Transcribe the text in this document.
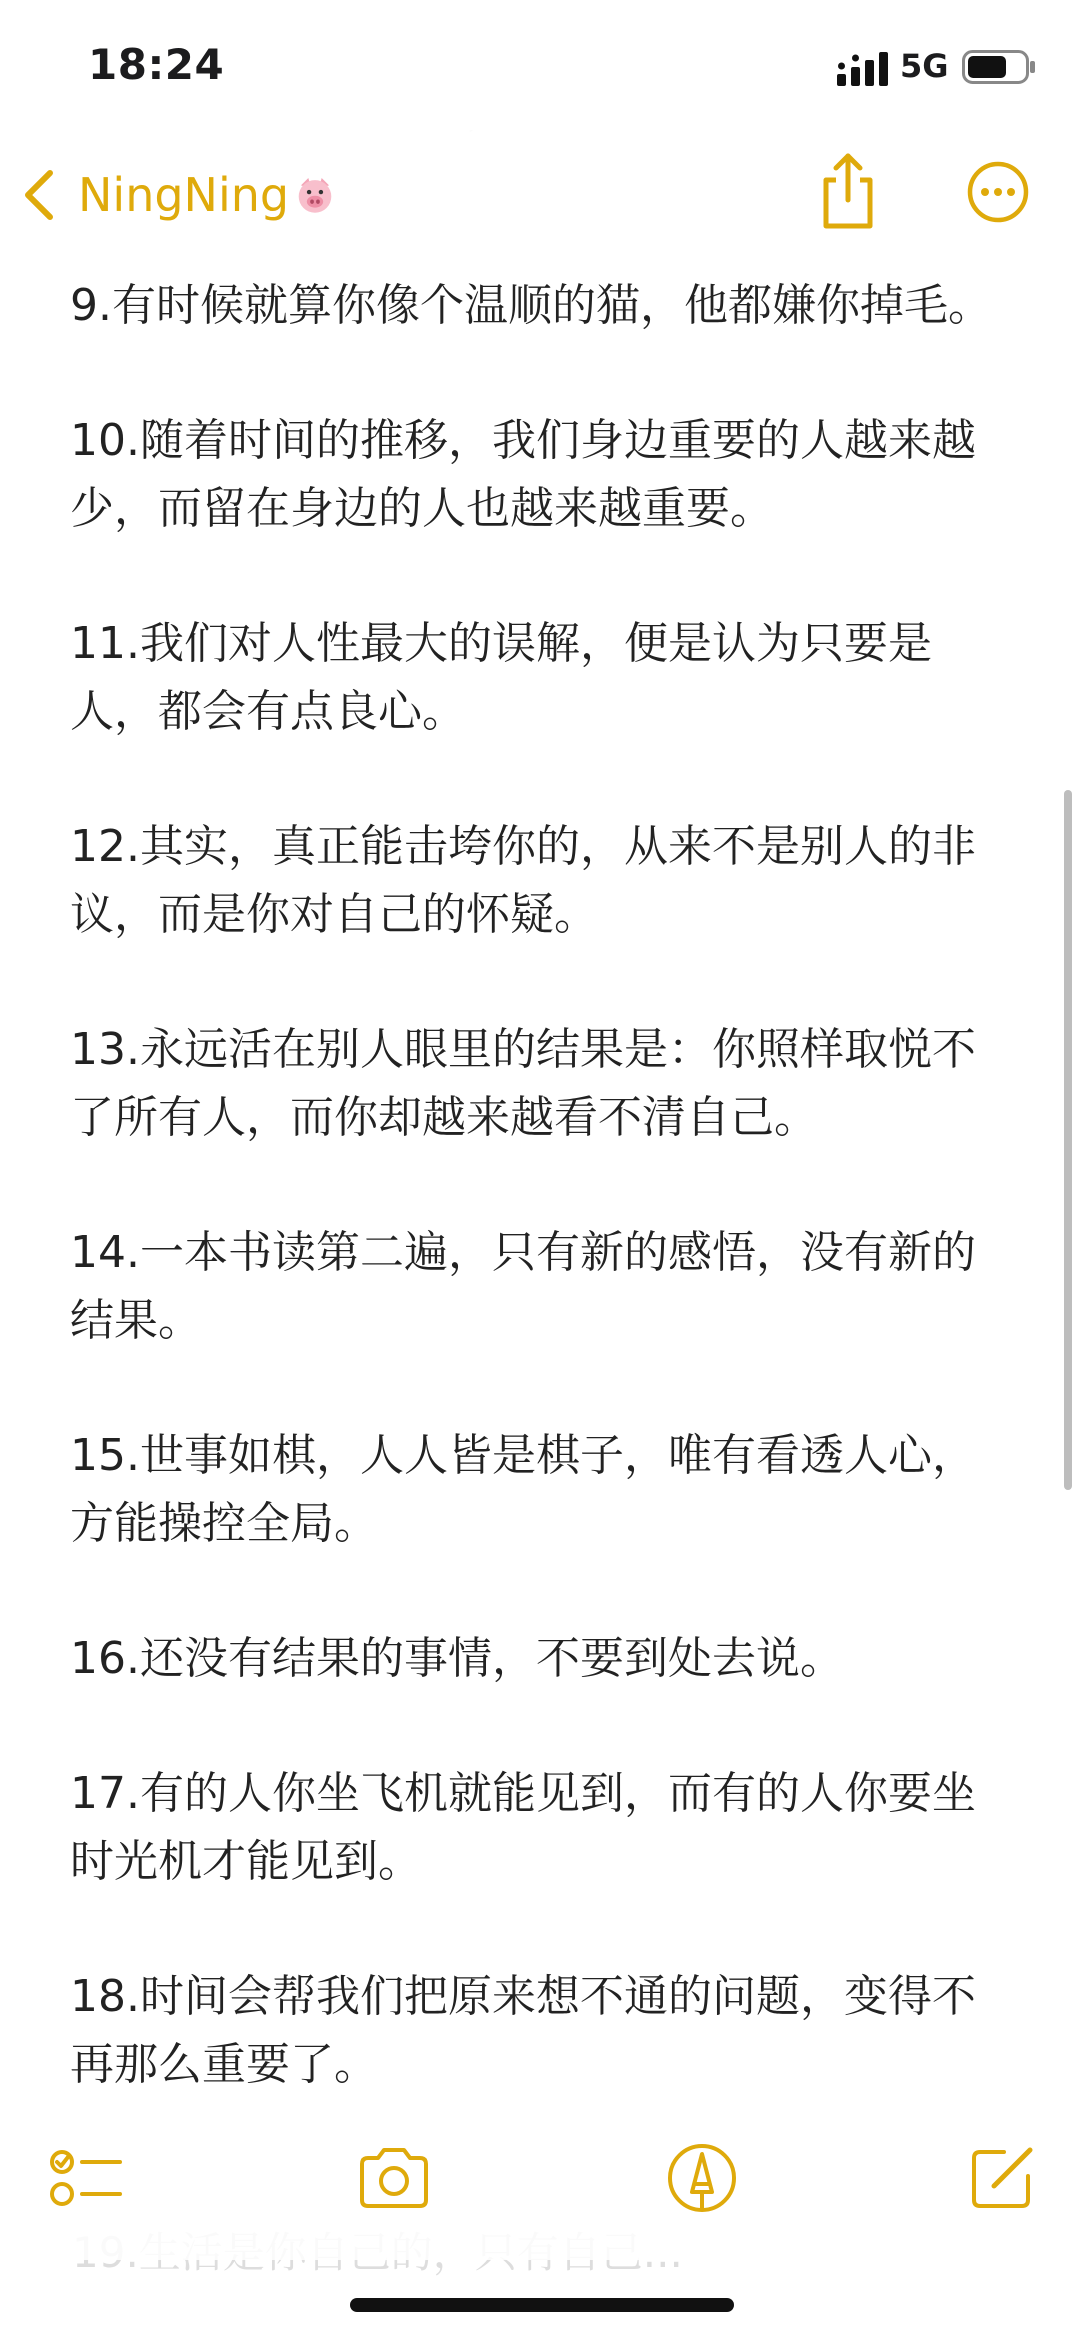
18:24	5G
NingNing

9.有时候就算你像个温顺的猫，他都嫌你掉毛。

10.随着时间的推移，我们身边重要的人越来越少，而留在身边的人也越来越重要。

11.我们对人性最大的误解，便是认为只要是人，都会有点良心。

12.其实，真正能击垮你的，从来不是别人的非议，而是你对自己的怀疑。

13.永远活在别人眼里的结果是：你照样取悦不了所有人，而你却越来越看不清自己。

14.一本书读第二遍，只有新的感悟，没有新的结果。

15.世事如棋，人人皆是棋子，唯有看透人心，方能操控全局。

16.还没有结果的事情，不要到处去说。

17.有的人你坐飞机就能见到，而有的人你要坐时光机才能见到。

18.时间会帮我们把原来想不通的问题，变得不再那么重要了。
